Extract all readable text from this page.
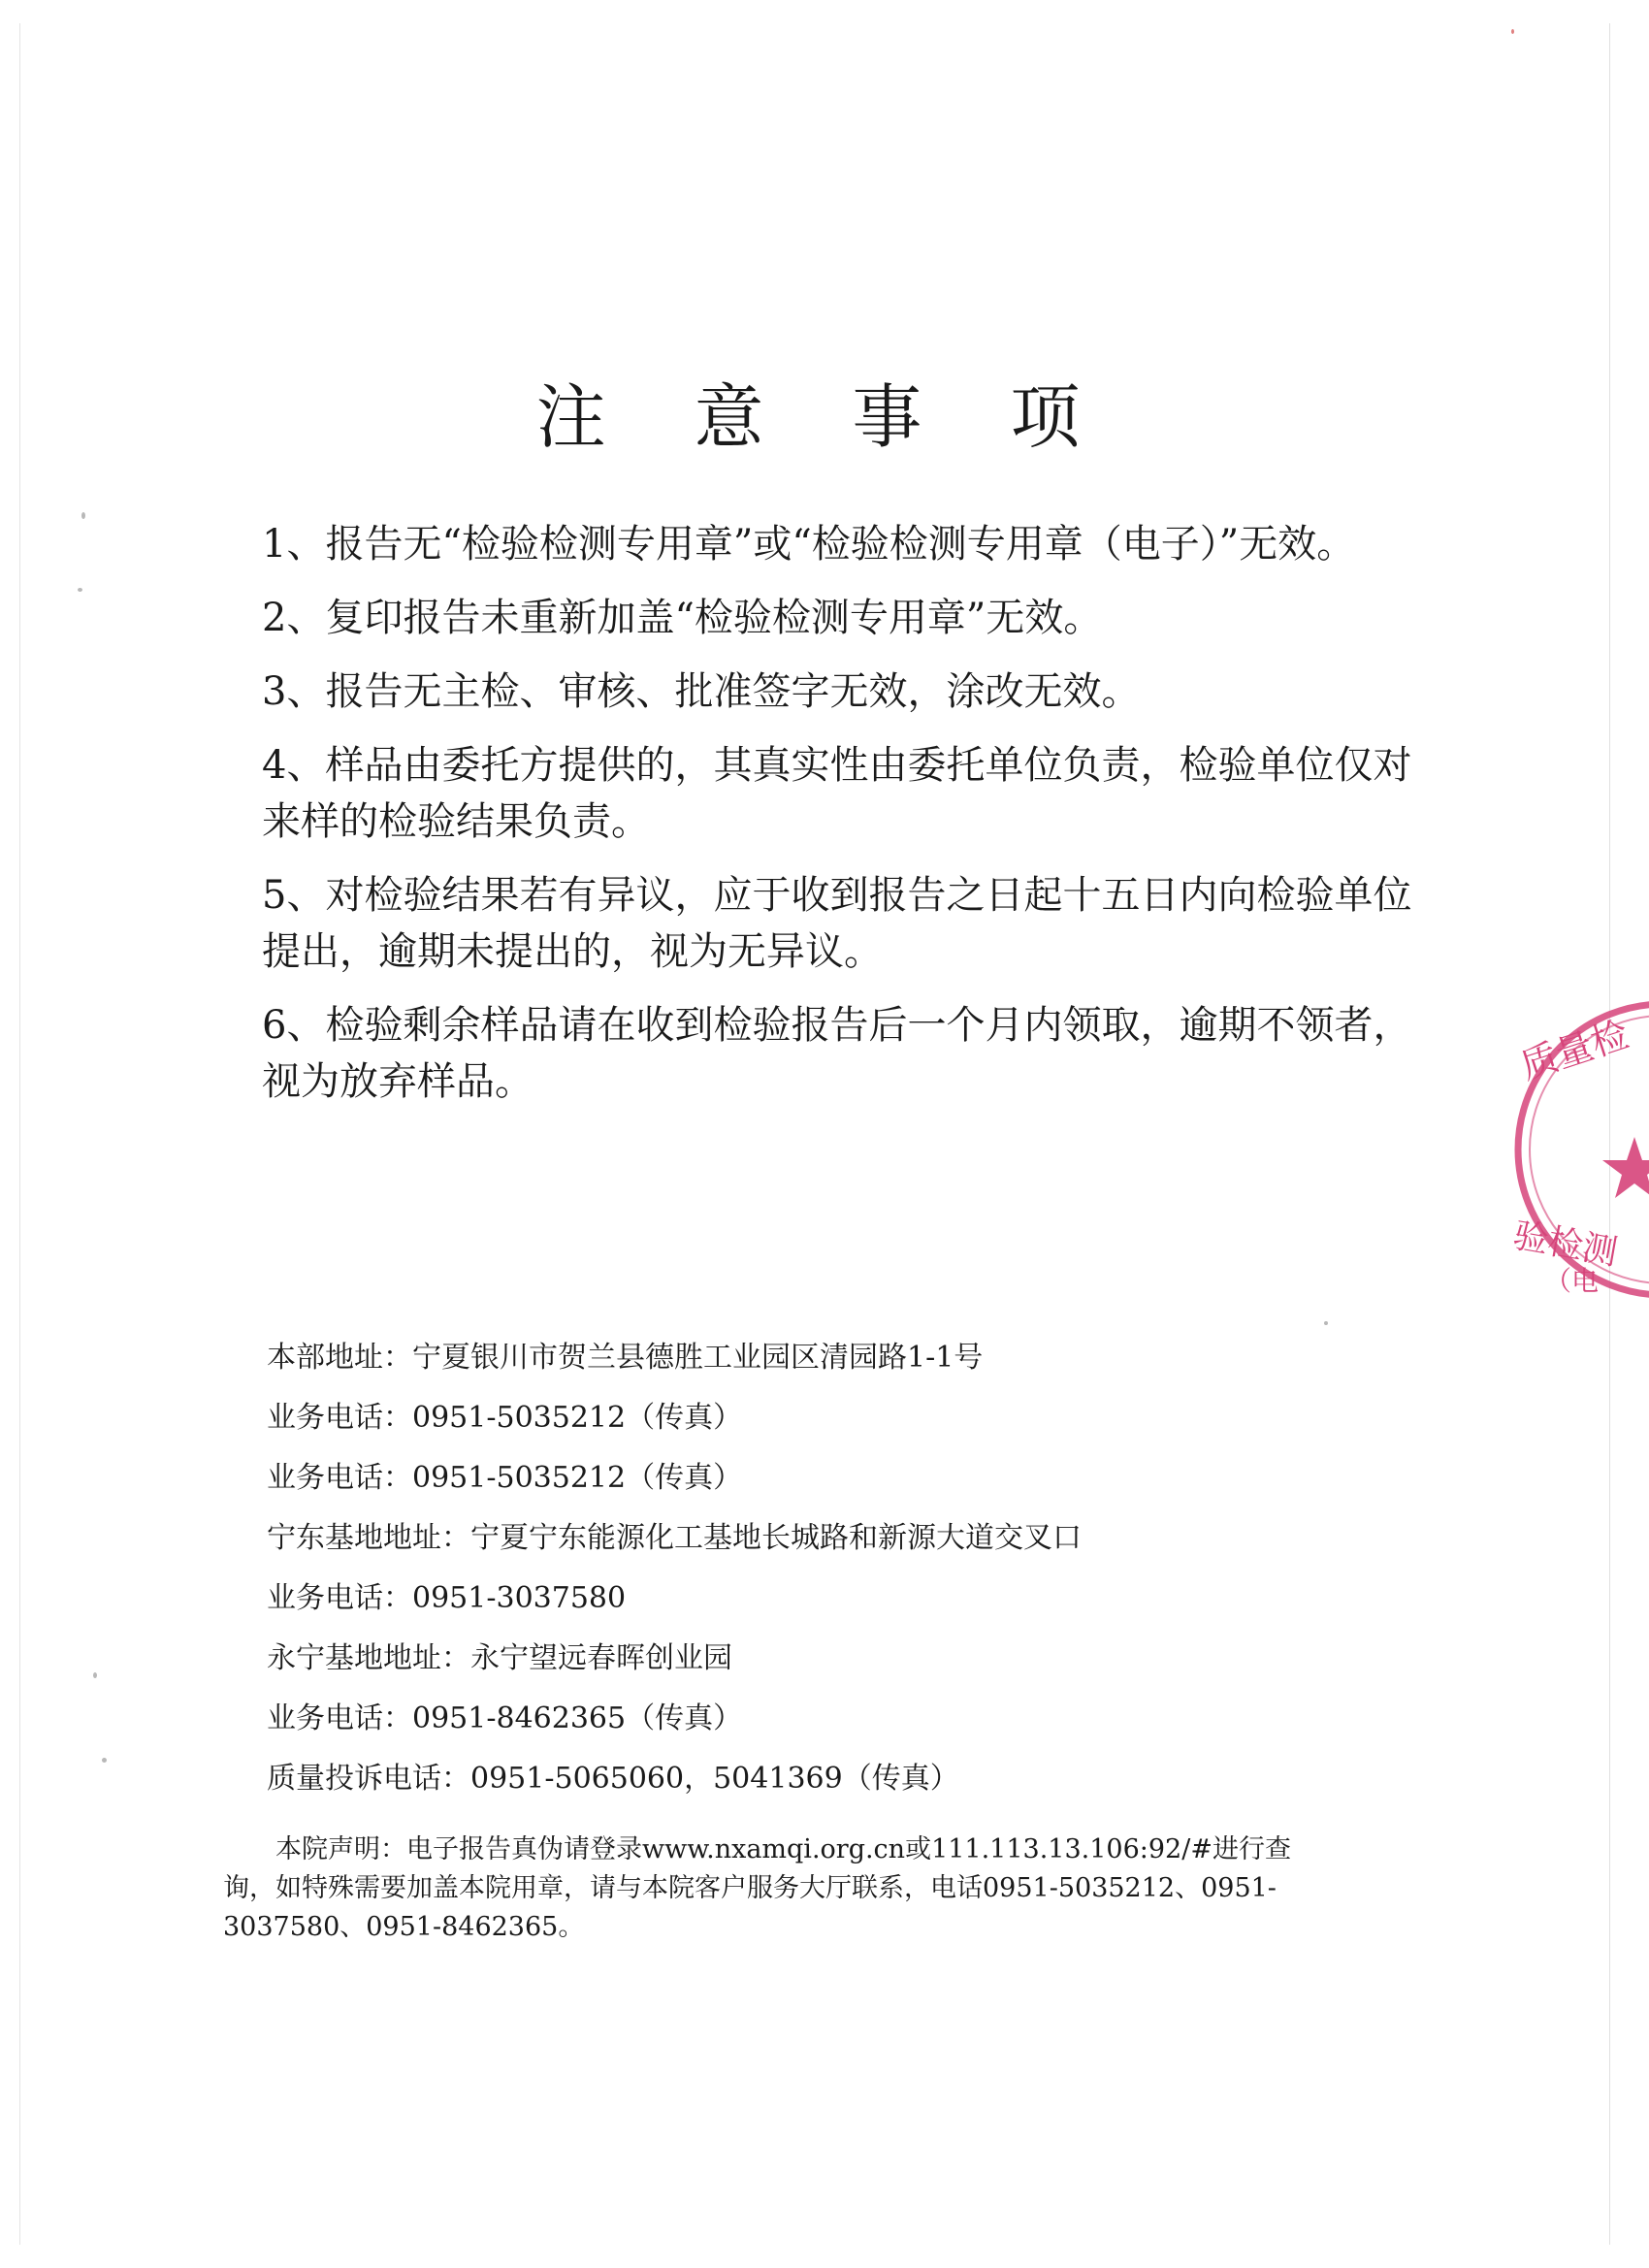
注 意 事 项

1、报告无“检验检测专用章”或“检验检测专用章（电子）”无效。

2、复印报告未重新加盖“检验检测专用章”无效。

3、报告无主检、审核、批准签字无效，涂改无效。

4、样品由委托方提供的，其真实性由委托单位负责，检验单位仅对来样的检验结果负责。

5、对检验结果若有异议，应于收到报告之日起十五日内向检验单位提出，逾期未提出的，视为无异议。

6、检验剩余样品请在收到检验报告后一个月内领取，逾期不领者，视为放弃样品。

本部地址：宁夏银川市贺兰县德胜工业园区清园路1-1号
业务电话：0951-5035212（传真）
业务电话：0951-5035212（传真）
宁东基地地址：宁夏宁东能源化工基地长城路和新源大道交叉口
业务电话：0951-3037580
永宁基地地址：永宁望远春晖创业园
业务电话：0951-8462365（传真）
质量投诉电话：0951-5065060，5041369（传真）
本院声明：电子报告真伪请登录www.nxamqi.org.cn或111.113.13.106:92/#进行查询，如特殊需要加盖本院用章，请与本院客户服务大厅联系，电话0951-5035212、0951-3037580、0951-8462365。
质量检
验检测
（电
